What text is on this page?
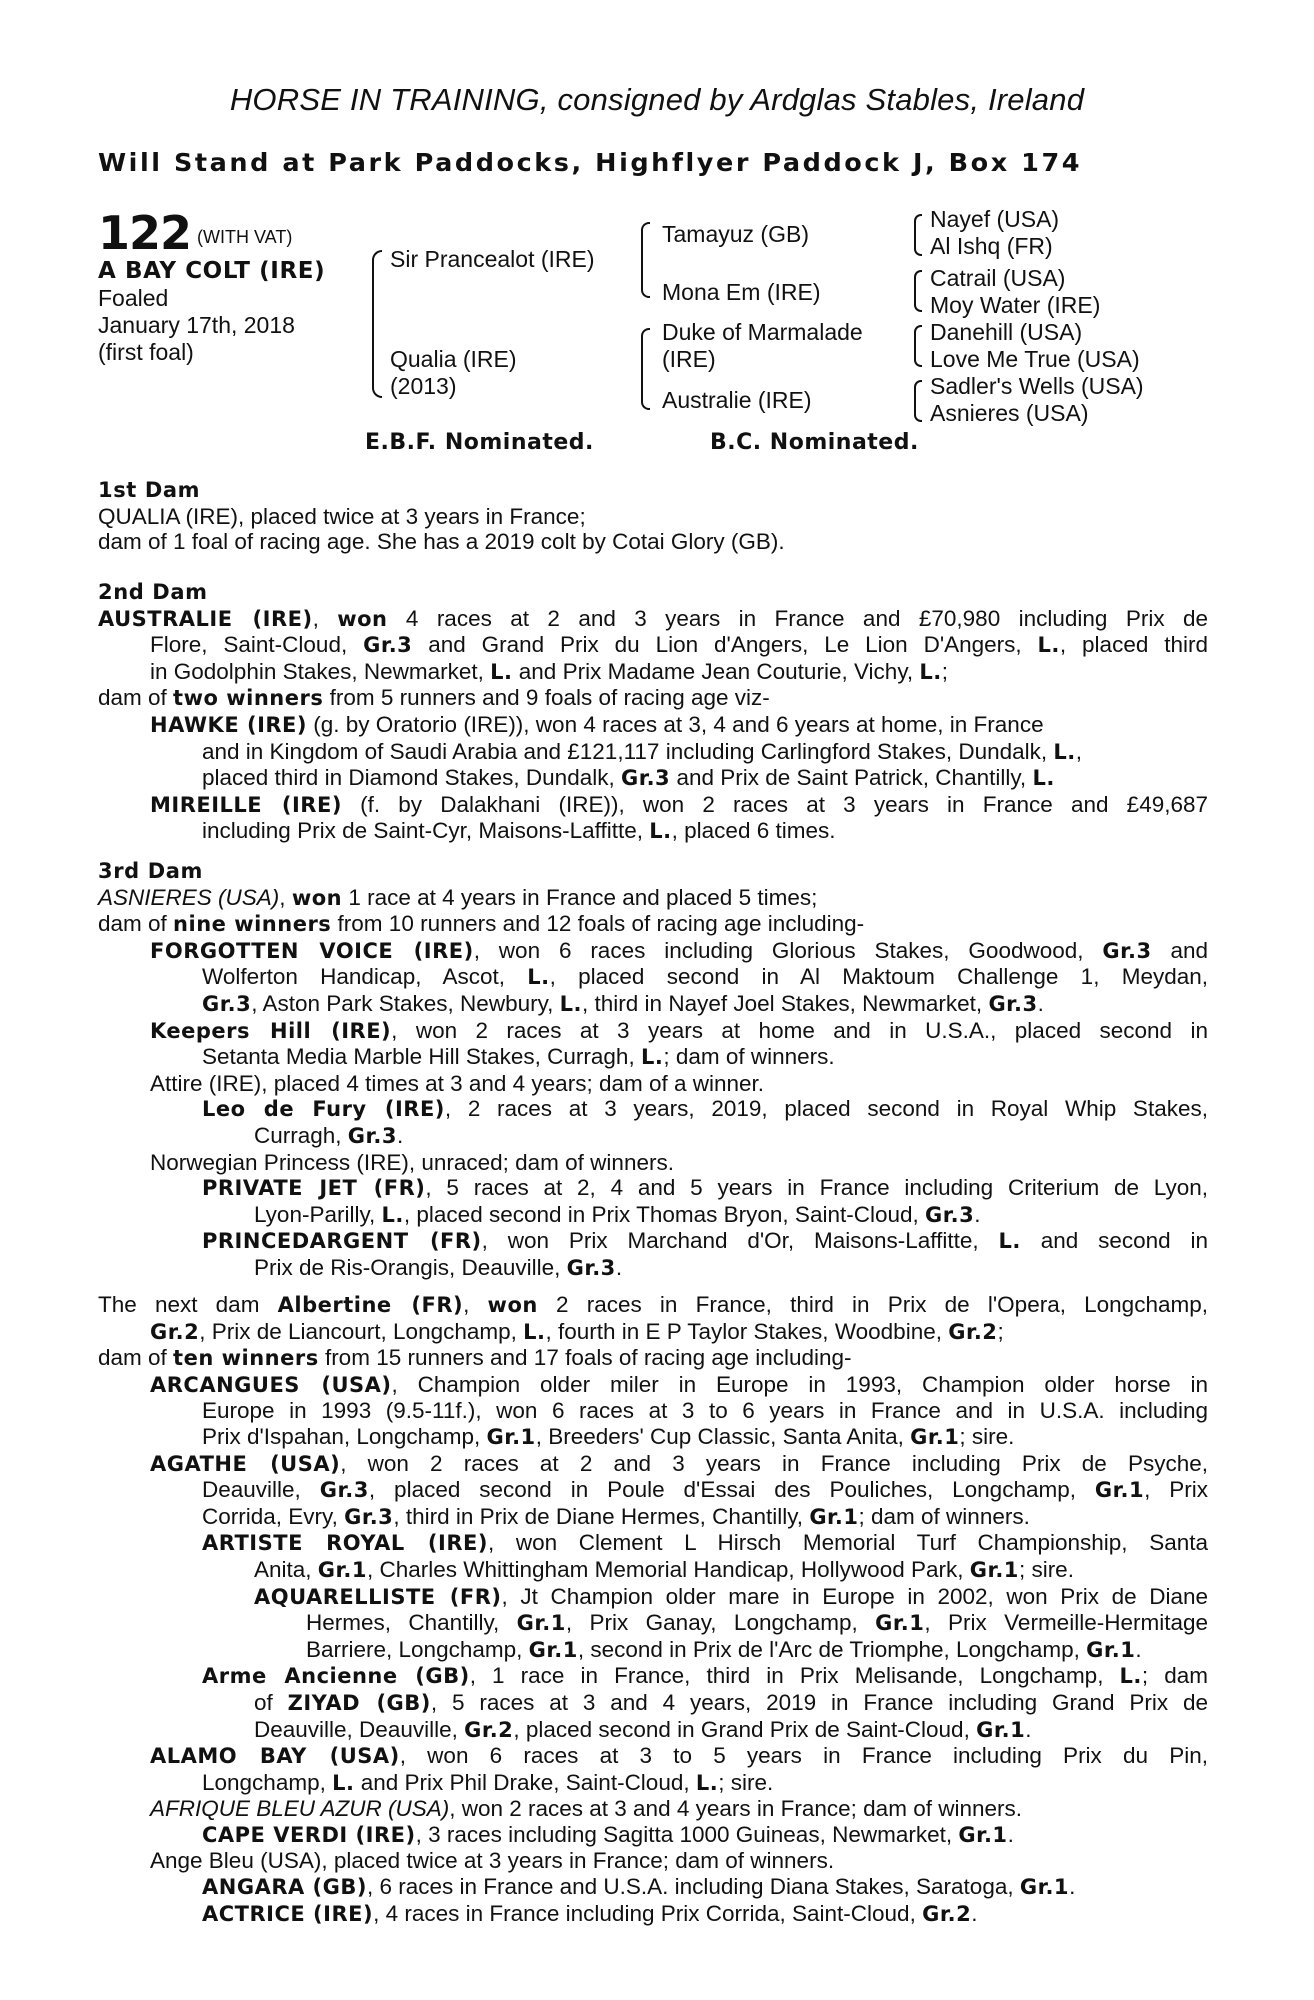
HORSE IN TRAINING, consigned by Ardglas Stables, Ireland
Will Stand at Park Paddocks, Highflyer Paddock J, Box 174
122 $^{(WITH VAT)}$
A BAY COLT (IRE)
Foaled
January 17th, 2018
(first foal)
Sir Prancealot (IRE)
Qualia (IRE)
(2013)
Tamayuz (GB)
Mona Em (IRE)
Duke of Marmalade
(IRE)
Australie (IRE)
Nayef (USA)
Al Ishq (FR)
Catrail (USA)
Moy Water (IRE)
Danehill (USA)
Love Me True (USA)
Sadler's Wells (USA)
Asnieres (USA)
E.B.F. Nominated.	B.C. Nominated.
1st Dam
QUALIA (IRE), placed twice at 3 years in France;
dam of 1 foal of racing age. She has a 2019 colt by Cotai Glory (GB).
2nd Dam
AUSTRALIE (IRE), won 4 races at 2 and 3 years in France and £70,980 including Prix de
Flore, Saint-Cloud, Gr.3 and Grand Prix du Lion d'Angers, Le Lion D'Angers, L., placed third
in Godolphin Stakes, Newmarket, L. and Prix Madame Jean Couturie, Vichy, L.;
dam of two winners from 5 runners and 9 foals of racing age viz-
HAWKE (IRE) (g. by Oratorio (IRE)), won 4 races at 3, 4 and 6 years at home, in France
and in Kingdom of Saudi Arabia and £121,117 including Carlingford Stakes, Dundalk, L.,
placed third in Diamond Stakes, Dundalk, Gr.3 and Prix de Saint Patrick, Chantilly, L.
MIREILLE (IRE) (f. by Dalakhani (IRE)), won 2 races at 3 years in France and £49,687
including Prix de Saint-Cyr, Maisons-Laffitte, L., placed 6 times.
3rd Dam
ASNIERES (USA), won 1 race at 4 years in France and placed 5 times;
dam of nine winners from 10 runners and 12 foals of racing age including-
FORGOTTEN VOICE (IRE), won 6 races including Glorious Stakes, Goodwood, Gr.3 and
Wolferton Handicap, Ascot, L., placed second in Al Maktoum Challenge 1, Meydan,
Gr.3, Aston Park Stakes, Newbury, L., third in Nayef Joel Stakes, Newmarket, Gr.3.
Keepers Hill (IRE), won 2 races at 3 years at home and in U.S.A., placed second in
Setanta Media Marble Hill Stakes, Curragh, L.; dam of winners.
Attire (IRE), placed 4 times at 3 and 4 years; dam of a winner.
Leo de Fury (IRE), 2 races at 3 years, 2019, placed second in Royal Whip Stakes,
Curragh, Gr.3.
Norwegian Princess (IRE), unraced; dam of winners.
PRIVATE JET (FR), 5 races at 2, 4 and 5 years in France including Criterium de Lyon,
Lyon-Parilly, L., placed second in Prix Thomas Bryon, Saint-Cloud, Gr.3.
PRINCEDARGENT (FR), won Prix Marchand d'Or, Maisons-Laffitte, L. and second in
Prix de Ris-Orangis, Deauville, Gr.3.
The next dam Albertine (FR), won 2 races in France, third in Prix de l'Opera, Longchamp,
Gr.2, Prix de Liancourt, Longchamp, L., fourth in E P Taylor Stakes, Woodbine, Gr.2;
dam of ten winners from 15 runners and 17 foals of racing age including-
ARCANGUES (USA), Champion older miler in Europe in 1993, Champion older horse in
Europe in 1993 (9.5-11f.), won 6 races at 3 to 6 years in France and in U.S.A. including
Prix d'Ispahan, Longchamp, Gr.1, Breeders' Cup Classic, Santa Anita, Gr.1; sire.
AGATHE (USA), won 2 races at 2 and 3 years in France including Prix de Psyche,
Deauville, Gr.3, placed second in Poule d'Essai des Pouliches, Longchamp, Gr.1, Prix
Corrida, Evry, Gr.3, third in Prix de Diane Hermes, Chantilly, Gr.1; dam of winners.
ARTISTE ROYAL (IRE), won Clement L Hirsch Memorial Turf Championship, Santa
Anita, Gr.1, Charles Whittingham Memorial Handicap, Hollywood Park, Gr.1; sire.
AQUARELLISTE (FR), Jt Champion older mare in Europe in 2002, won Prix de Diane
Hermes, Chantilly, Gr.1, Prix Ganay, Longchamp, Gr.1, Prix Vermeille-Hermitage
Barriere, Longchamp, Gr.1, second in Prix de l'Arc de Triomphe, Longchamp, Gr.1.
Arme Ancienne (GB), 1 race in France, third in Prix Melisande, Longchamp, L.; dam
of ZIYAD (GB), 5 races at 3 and 4 years, 2019 in France including Grand Prix de
Deauville, Deauville, Gr.2, placed second in Grand Prix de Saint-Cloud, Gr.1.
ALAMO BAY (USA), won 6 races at 3 to 5 years in France including Prix du Pin,
Longchamp, L. and Prix Phil Drake, Saint-Cloud, L.; sire.
AFRIQUE BLEU AZUR (USA), won 2 races at 3 and 4 years in France; dam of winners.
CAPE VERDI (IRE), 3 races including Sagitta 1000 Guineas, Newmarket, Gr.1.
Ange Bleu (USA), placed twice at 3 years in France; dam of winners.
ANGARA (GB), 6 races in France and U.S.A. including Diana Stakes, Saratoga, Gr.1.
ACTRICE (IRE), 4 races in France including Prix Corrida, Saint-Cloud, Gr.2.
